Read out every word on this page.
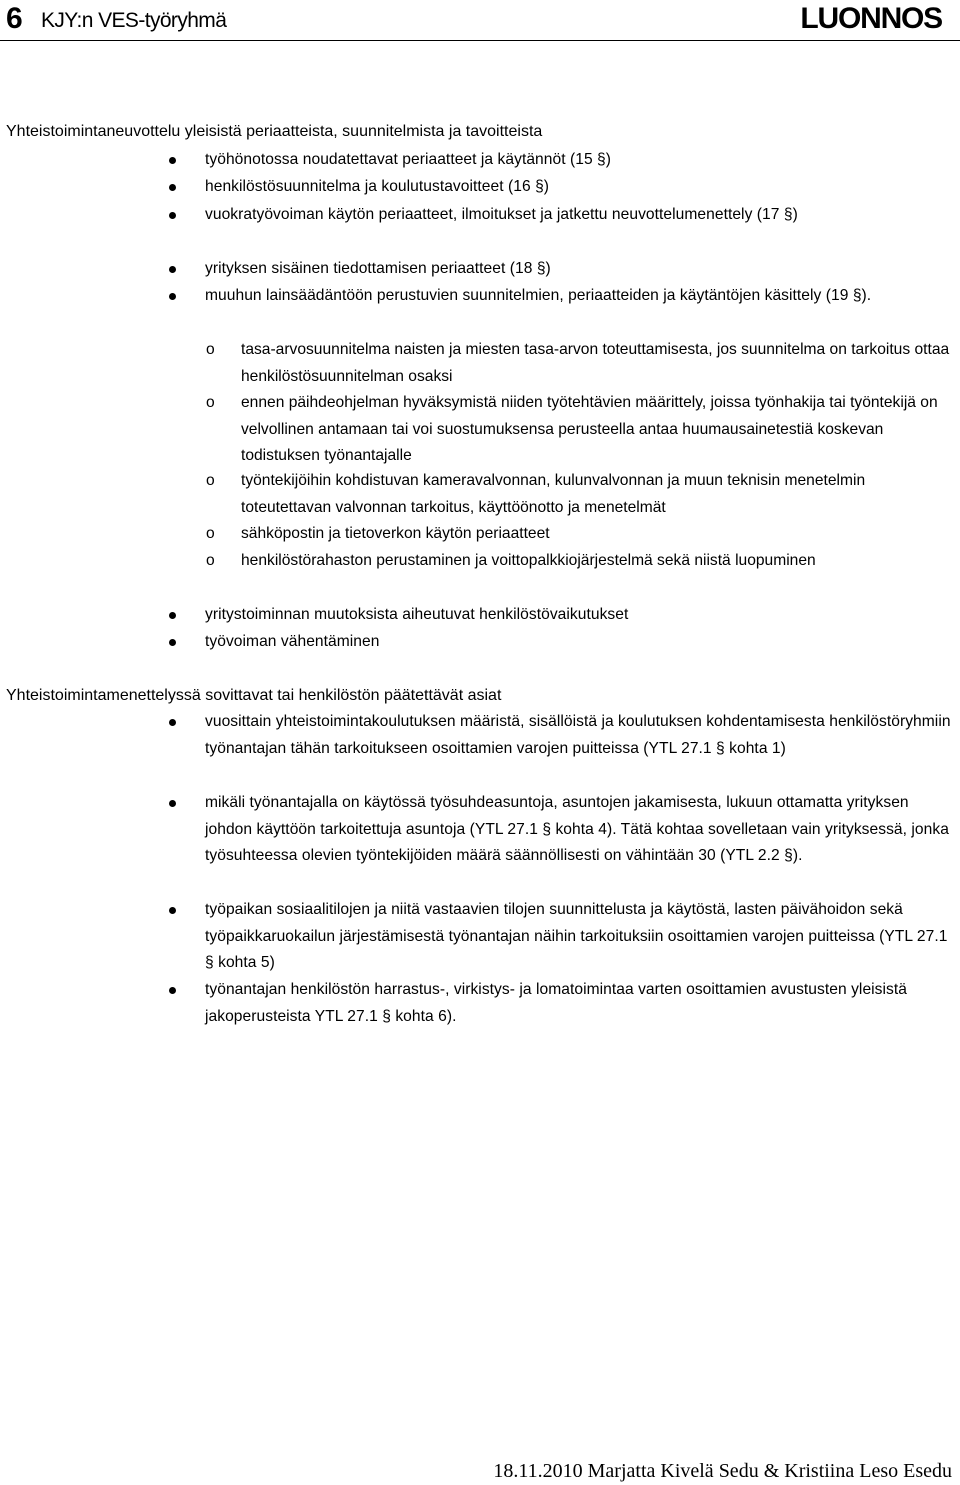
6 KJY:n VES-työryhmä	LUONNOS
Yhteistoimintaneuvottelu yleisistä periaatteista, suunnitelmista ja tavoitteista
työhönotossa noudatettavat periaatteet ja käytännöt (15 §)
henkilöstösuunnitelma ja koulutustavoitteet (16 §)
vuokratyövoiman käytön periaatteet, ilmoitukset ja jatkettu neuvottelumenettely (17 §)
yrityksen sisäinen tiedottamisen periaatteet (18 §)
muuhun lainsäädäntöön perustuvien suunnitelmien, periaatteiden ja käytäntöjen käsittely (19 §).
o tasa-arvosuunnitelma naisten ja miesten tasa-arvon toteuttamisesta, jos suunnitelma on tarkoitus ottaa henkilöstösuunnitelman osaksi
o ennen päihdeohjelman hyväksymistä niiden työtehtävien määrittely, joissa työnhakija tai työntekijä on velvollinen antamaan tai voi suostumuksensa perusteella antaa huumausainetestiä koskevan todistuksen työnantajalle
o työntekijöihin kohdistuvan kameravalvonnan, kulunvalvonnan ja muun teknisin menetelmin toteutettavan valvonnan tarkoitus, käyttöönotto ja menetelmät
o sähköpostin ja tietoverkon käytön periaatteet
o henkilöstörahaston perustaminen ja voittopalkkiojärjestelmä sekä niistä luopuminen
yritystoiminnan muutoksista aiheutuvat henkilöstövaikutukset
työvoiman vähentäminen
Yhteistoimintamenettelyssä sovittavat tai henkilöstön päätettävät asiat
vuosittain yhteistoimintakoulutuksen määristä, sisällöistä ja koulutuksen kohdentamisesta henkilöstöryhmiin työnantajan tähän tarkoitukseen osoittamien varojen puitteissa (YTL 27.1 § kohta 1)
mikäli työnantajalla on käytössä työsuhdeasuntoja, asuntojen jakamisesta, lukuun ottamatta yrityksen johdon käyttöön tarkoitettuja asuntoja (YTL 27.1 § kohta 4). Tätä kohtaa sovelletaan vain yrityksessä, jonka työsuhteessa olevien työntekijöiden määrä säännöllisesti on vähintään 30 (YTL 2.2 §).
työpaikan sosiaalitilojen ja niitä vastaavien tilojen suunnittelusta ja käytöstä, lasten päivähoidon sekä työpaikkaruokailun järjestämisestä työnantajan näihin tarkoituksiin osoittamien varojen puitteissa (YTL 27.1 § kohta 5)
työnantajan henkilöstön harrastus-, virkistys- ja lomatoimintaa varten osoittamien avustusten yleisistä jakoperusteista YTL 27.1 § kohta 6).
18.11.2010 Marjatta Kivelä Sedu & Kristiina Leso Esedu
